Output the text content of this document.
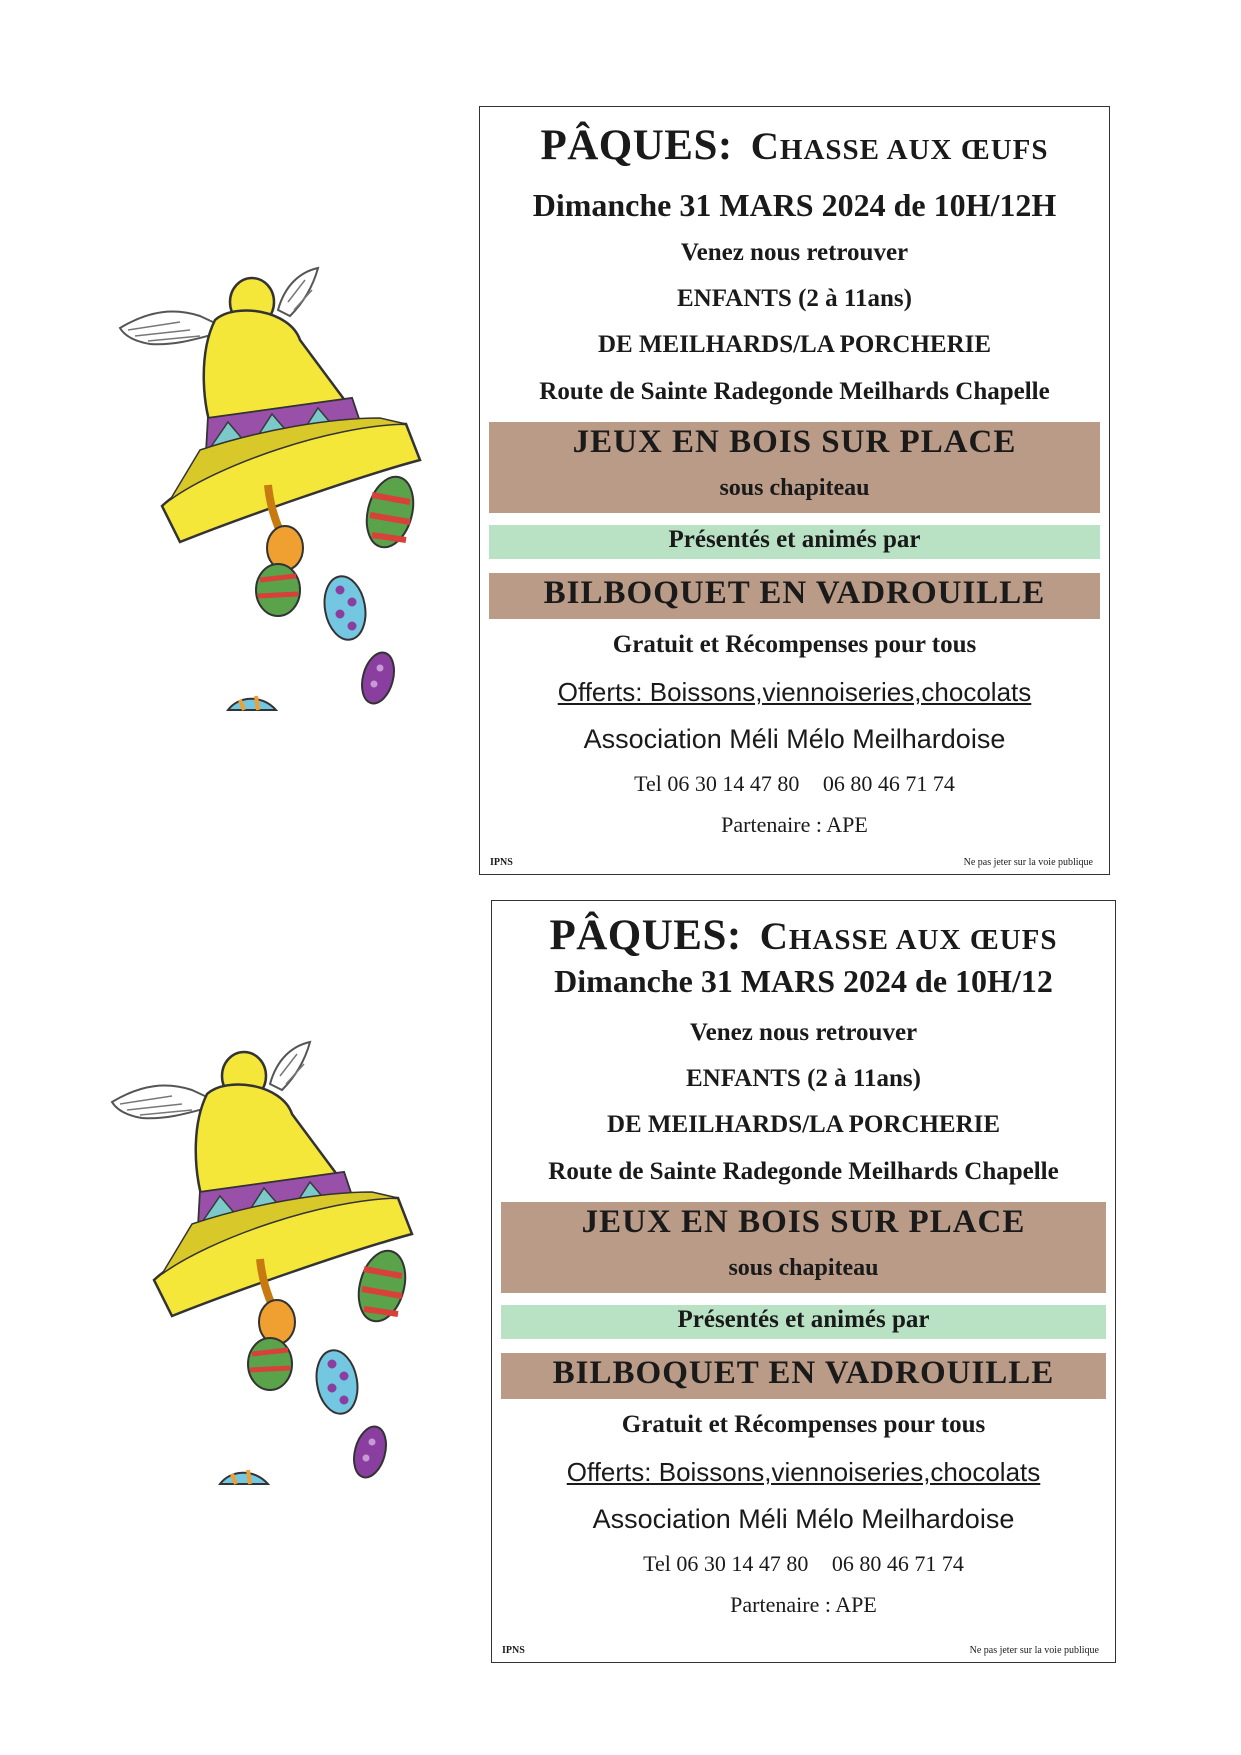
PÂQUES: CHASSE AUX ŒUFS
Dimanche 31 MARS 2024 de 10H/12H
Venez nous retrouver
ENFANTS (2 à 11ans)
DE MEILHARDS/LA PORCHERIE
Route de Sainte Radegonde Meilhards Chapelle
JEUX EN BOIS SUR PLACE
sous chapiteau
Présentés et animés par
BILBOQUET EN VADROUILLE
Gratuit et Récompenses pour tous
Offerts: Boissons,viennoiseries,chocolats
Association Méli Mélo Meilhardoise
Tel 06 30 14 47 80 06 80 46 71 74
Partenaire : APE
IPNS	Ne pas jeter sur la voie publique
PÂQUES: CHASSE AUX ŒUFS
Dimanche 31 MARS 2024 de 10H/12
Venez nous retrouver
ENFANTS (2 à 11ans)
DE MEILHARDS/LA PORCHERIE
Route de Sainte Radegonde Meilhards Chapelle
JEUX EN BOIS SUR PLACE
sous chapiteau
Présentés et animés par
BILBOQUET EN VADROUILLE
Gratuit et Récompenses pour tous
Offerts: Boissons,viennoiseries,chocolats
Association Méli Mélo Meilhardoise
Tel 06 30 14 47 80 06 80 46 71 74
Partenaire : APE
IPNS	Ne pas jeter sur la voie publique
